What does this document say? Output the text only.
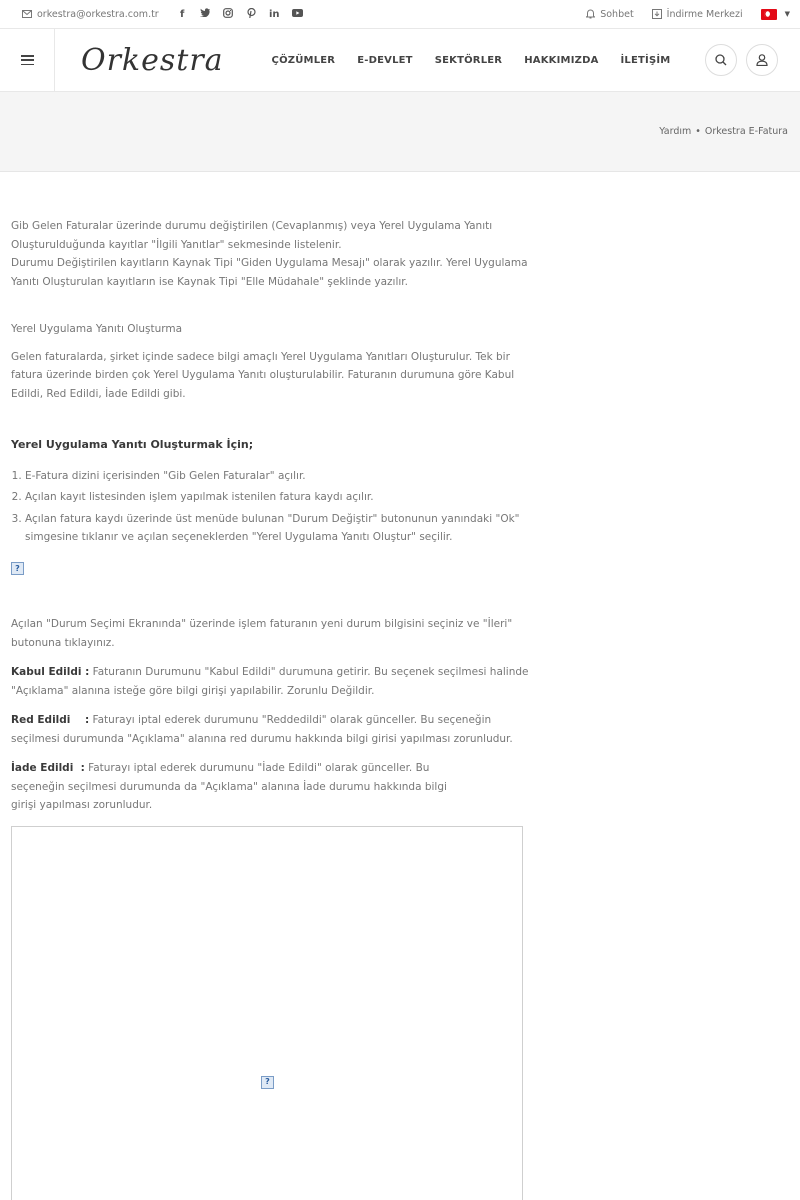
orkestra@orkestra.com.tr	f	in	Sohbet	İndirme Merkezi	▼
Orkestra	ÇÖZÜMLER E-DEVLET SEKTÖRLER HAKKIMIZDA İLETİŞİM
Yardım • Orkestra E-Fatura

Gib Gelen Faturalar üzerinde durumu değiştirilen (Cevaplanmış) veya Yerel Uygulama Yanıtı Oluşturulduğunda kayıtlar "İlgili Yanıtlar" sekmesinde listelenir.

Durumu Değiştirilen kayıtların Kaynak Tipi "Giden Uygulama Mesajı" olarak yazılır. Yerel Uygulama Yanıtı Oluşturulan kayıtların ise Kaynak Tipi "Elle Müdahale" şeklinde yazılır.

Yerel Uygulama Yanıtı Oluşturma

Gelen faturalarda, şirket içinde sadece bilgi amaçlı Yerel Uygulama Yanıtları Oluşturulur. Tek bir fatura üzerinde birden çok Yerel Uygulama Yanıtı oluşturulabilir. Faturanın durumuna göre Kabul Edildi, Red Edildi, İade Edildi gibi.

Yerel Uygulama Yanıtı Oluşturmak İçin;
1. E-Fatura dizini içerisinden "Gib Gelen Faturalar" açılır.
2. Açılan kayıt listesinden işlem yapılmak istenilen fatura kaydı açılır.
3. Açılan fatura kaydı üzerinde üst menüde bulunan "Durum Değiştir" butonunun yanındaki "Ok" simgesine tıklanır ve açılan seçeneklerden "Yerel Uygulama Yanıtı Oluştur" seçilir.
?

Açılan "Durum Seçimi Ekranında" üzerinde işlem faturanın yeni durum bilgisini seçiniz ve "İleri" butonuna tıklayınız.

Kabul Edildi : Faturanın Durumunu "Kabul Edildi" durumuna getirir. Bu seçenek seçilmesi halinde "Açıklama" alanına isteğe göre bilgi girişi yapılabilir. Zorunlu Değildir.

Red Edildi    : Faturayı iptal ederek durumunu "Reddedildi" olarak günceller. Bu seçeneğin seçilmesi durumunda "Açıklama" alanına red durumu hakkında bilgi girisi yapılması zorunludur.

İade Edildi  : Faturayı iptal ederek durumunu "İade Edildi" olarak günceller. Bu seçeneğin seçilmesi durumunda da "Açıklama" alanına İade durumu hakkında bilgi girişi yapılması zorunludur.

?
